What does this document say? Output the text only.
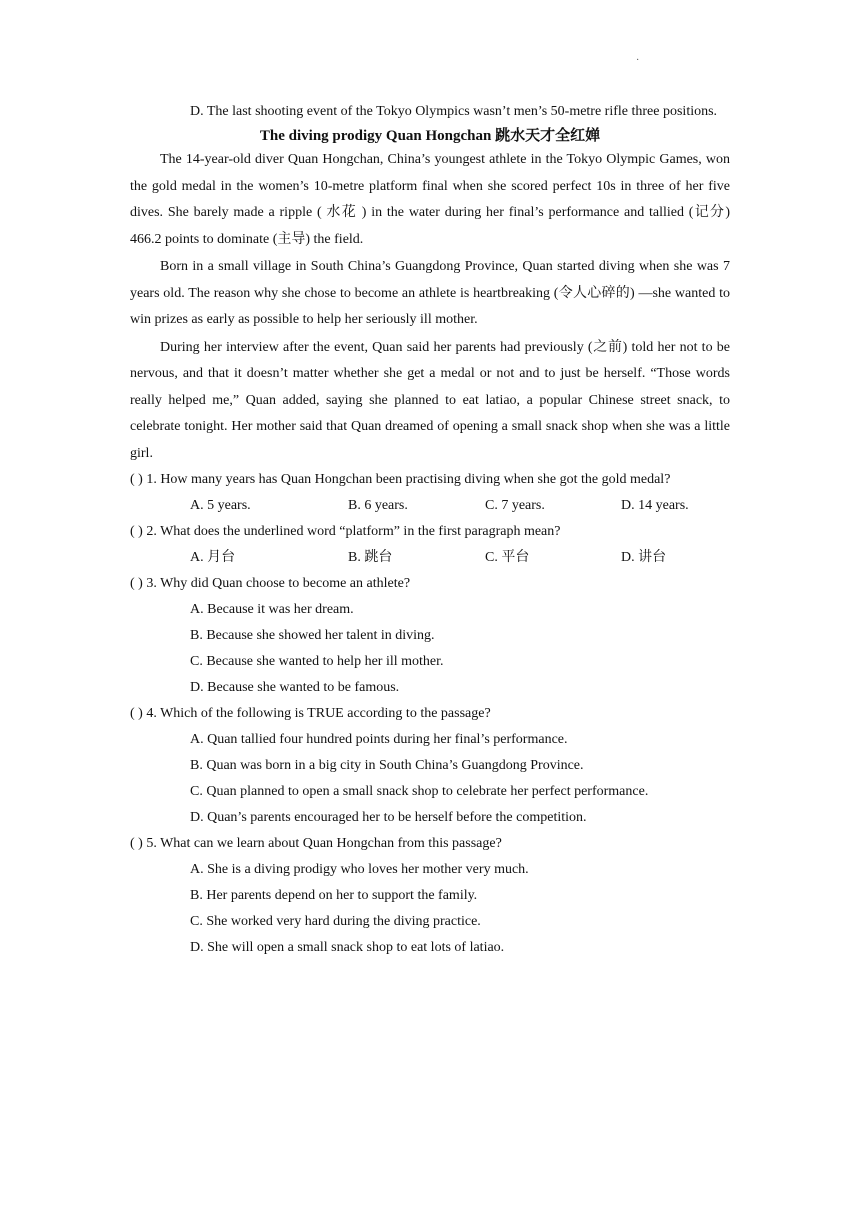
·

D. The last shooting event of the Tokyo Olympics wasn’t men’s 50-metre rifle three positions.

The diving prodigy Quan Hongchan 跳水天才全红婵

The 14-year-old diver Quan Hongchan, China’s youngest athlete in the Tokyo Olympic Games, won the gold medal in the women’s 10-metre platform final when she scored perfect 10s in three of her five dives. She barely made a ripple ( 水花 ) in the water during her final’s performance and tallied (记分) 466.2 points to dominate (主导) the field.

Born in a small village in South China’s Guangdong Province, Quan started diving when she was 7 years old. The reason why she chose to become an athlete is heartbreaking (令人心碎的) —she wanted to win prizes as early as possible to help her seriously ill mother.

During her interview after the event, Quan said her parents had previously (之前) told her not to be nervous, and that it doesn’t matter whether she get a medal or not and to just be herself. “Those words really helped me,” Quan added, saying she planned to eat latiao, a popular Chinese street snack, to celebrate tonight. Her mother said that Quan dreamed of opening a small snack shop when she was a little girl.

( ) 1. How many years has Quan Hongchan been practising diving when she got the gold medal?

A. 5 years.	B. 6 years.	C. 7 years.	D. 14 years.

( ) 2. What does the underlined word “platform” in the first paragraph mean?

A. 月台	B. 跳台	C. 平台	D. 讲台

( ) 3. Why did Quan choose to become an athlete?

A. Because it was her dream.

B. Because she showed her talent in diving.

C. Because she wanted to help her ill mother.

D. Because she wanted to be famous.

( ) 4. Which of the following is TRUE according to the passage?

A. Quan tallied four hundred points during her final’s performance.

B. Quan was born in a big city in South China’s Guangdong Province.

C. Quan planned to open a small snack shop to celebrate her perfect performance.

D. Quan’s parents encouraged her to be herself before the competition.

( ) 5. What can we learn about Quan Hongchan from this passage?

A. She is a diving prodigy who loves her mother very much.

B. Her parents depend on her to support the family.

C. She worked very hard during the diving practice.

D. She will open a small snack shop to eat lots of latiao.
